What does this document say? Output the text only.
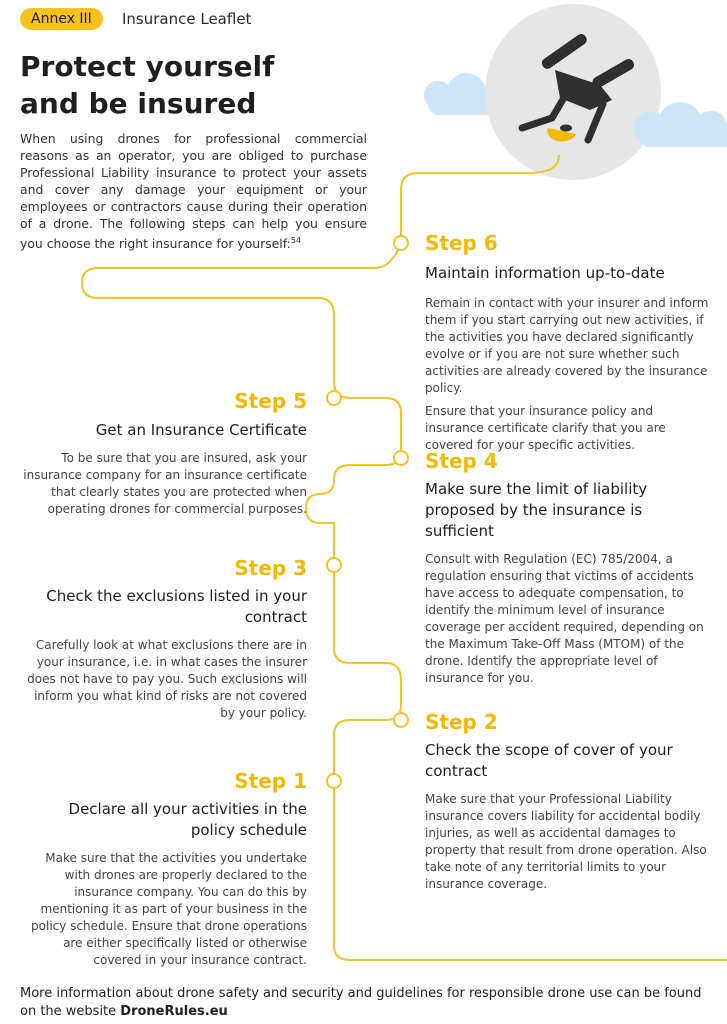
Annex III	Insurance Leaflet
Protect yourself
and be insured

When using drones for professional commercial reasons as an operator, you are obliged to purchase Professional Liability insurance to protect your assets and cover any damage your equipment or your employees or contractors cause during their operation of a drone. The following steps can help you ensure you choose the right insurance for yourself:$^{54}$	Step 6

Maintain information up-to-date

Remain in contact with your insurer and inform them if you start carrying out new activities, if the activities you have declared significantly evolve or if you are not sure whether such activities are already covered by the insurance policy.

Ensure that your insurance policy and insurance certificate clarify that you are covered for your specific activities.

Step 5

Get an Insurance Certificate

To be sure that you are insured, ask your insurance company for an insurance certificate that clearly states you are protected when operating drones for commercial purposes.

Step 4

Make sure the limit of liability proposed by the insurance is sufficient

Consult with Regulation (EC) 785/2004, a regulation ensuring that victims of accidents have access to adequate compensation, to identify the minimum level of insurance coverage per accident required, depending on the Maximum Take-Off Mass (MTOM) of the drone. Identify the appropriate level of insurance for you.

Step 3

Check the exclusions listed in your contract

Carefully look at what exclusions there are in your insurance, i.e. in what cases the insurer does not have to pay you. Such exclusions will inform you what kind of risks are not covered by your policy.	Step 2

Check the scope of cover of your contract

Make sure that your Professional Liability insurance covers liability for accidental bodily injuries, as well as accidental damages to property that result from drone operation. Also take note of any territorial limits to your insurance coverage.

Step 1

Declare all your activities in the policy schedule

Make sure that the activities you undertake with drones are properly declared to the insurance company. You can do this by mentioning it as part of your business in the policy schedule. Ensure that drone operations are either specifically listed or otherwise covered in your insurance contract.

More information about drone safety and security and guidelines for responsible drone use can be found on the website DroneRules.eu
